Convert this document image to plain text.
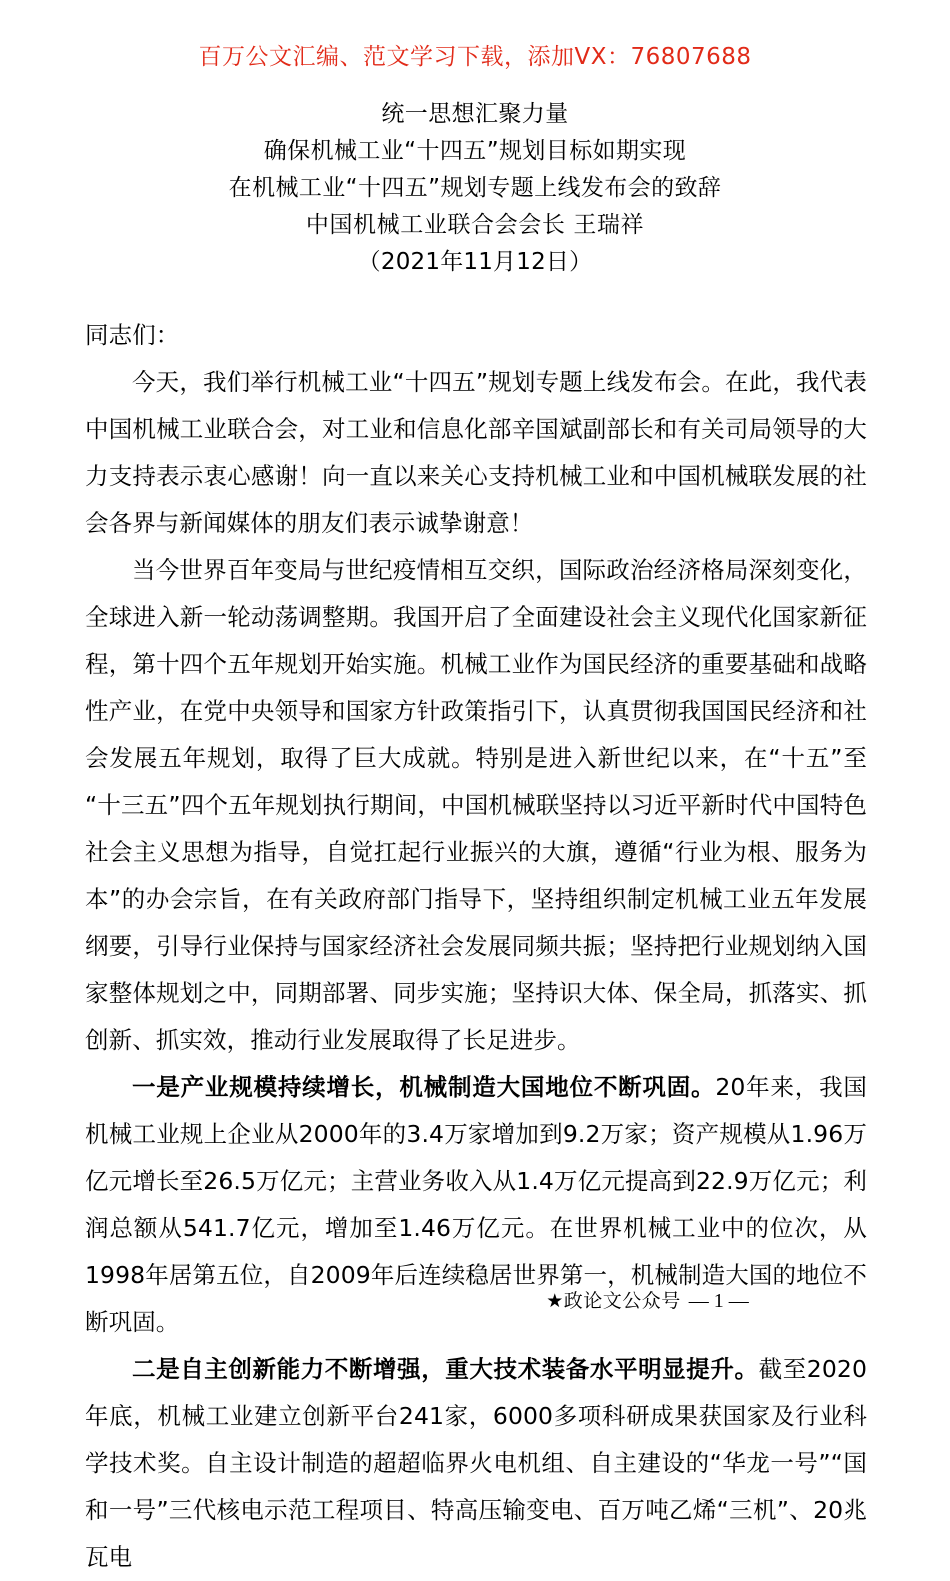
百万公文汇编、范文学习下载，添加VX：76807688
统一思想汇聚力量
确保机械工业“十四五”规划目标如期实现
在机械工业“十四五”规划专题上线发布会的致辞
中国机械工业联合会会长 王瑞祥
（2021年11月12日）

同志们：

今天，我们举行机械工业“十四五”规划专题上线发布会。在此，我代表中国机械工业联合会，对工业和信息化部辛国斌副部长和有关司局领导的大力支持表示衷心感谢！向一直以来关心支持机械工业和中国机械联发展的社会各界与新闻媒体的朋友们表示诚挚谢意！

当今世界百年变局与世纪疫情相互交织，国际政治经济格局深刻变化，全球进入新一轮动荡调整期。我国开启了全面建设社会主义现代化国家新征程，第十四个五年规划开始实施。机械工业作为国民经济的重要基础和战略性产业，在党中央领导和国家方针政策指引下，认真贯彻我国国民经济和社会发展五年规划，取得了巨大成就。特别是进入新世纪以来，在“十五”至“十三五”四个五年规划执行期间，中国机械联坚持以习近平新时代中国特色社会主义思想为指导，自觉扛起行业振兴的大旗，遵循“行业为根、服务为本”的办会宗旨，在有关政府部门指导下，坚持组织制定机械工业五年发展纲要，引导行业保持与国家经济社会发展同频共振；坚持把行业规划纳入国家整体规划之中，同期部署、同步实施；坚持识大体、保全局，抓落实、抓创新、抓实效，推动行业发展取得了长足进步。

一是产业规模持续增长，机械制造大国地位不断巩固。20年来，我国机械工业规上企业从2000年的3.4万家增加到9.2万家；资产规模从1.96万亿元增长至26.5万亿元；主营业务收入从1.4万亿元提高到22.9万亿元；利润总额从541.7亿元，增加至1.46万亿元。在世界机械工业中的位次，从1998年居第五位，自2009年后连续稳居世界第一，机械制造大国的地位不断巩固。

二是自主创新能力不断增强，重大技术装备水平明显提升。截至2020年底，机械工业建立创新平台241家，6000多项科研成果获国家及行业科学技术奖。自主设计制造的超超临界火电机组、自主建设的“华龙一号”“国和一号”三代核电示范工程项目、特高压输变电、百万吨乙烯“三机”、20兆瓦电

★政论文公众号 — 1 —
